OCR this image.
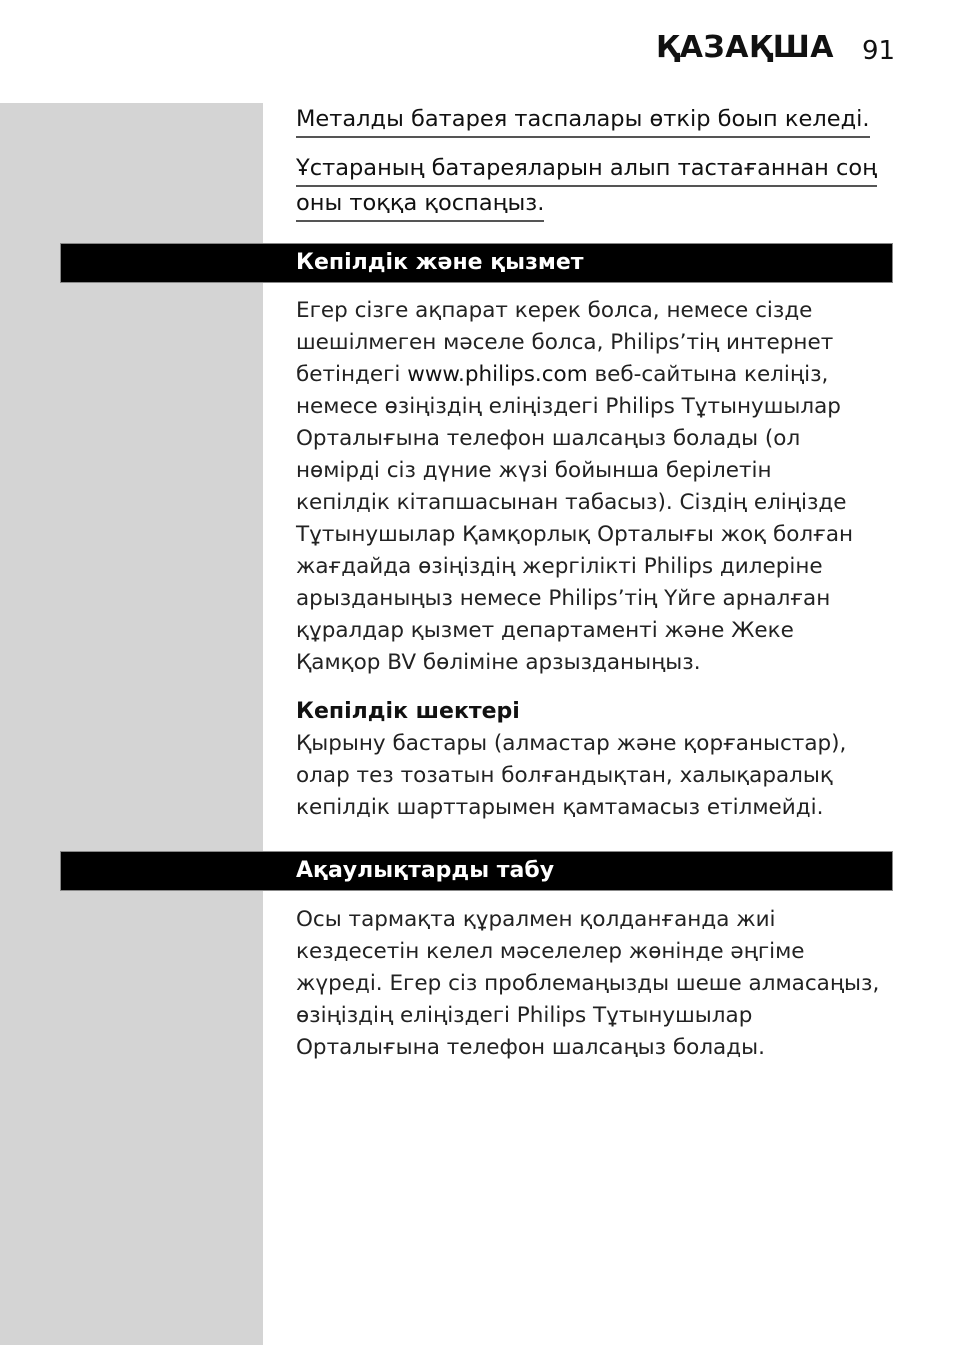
ҚАЗАҚША 91
Металды батарея таспалары өткір боып келеді.
Ұстараның батареяларын алып тастағаннан соң
оны тоққа қоспаңыз.
Кепілдік және қызмет
Егер сізге ақпарат керек болса, немесе сізде
шешілмеген мәселе болса, Philips’тің интернет
бетіндегі www.philips.com веб-сайтына келіңіз,
немесе өзіңіздің еліңіздегі Philips Тұтынушылар
Орталығына телефон шалсаңыз болады (ол
нөмірді сіз дүние жүзі бойынша берілетін
кепілдік кітапшасынан табасыз). Сіздің еліңізде
Тұтынушылар Қамқорлық Орталығы жоқ болған
жағдайда өзіңіздің жергілікті Philips дилеріне
арызданыңыз немесе Philips’тің Үйге арналған
құралдар қызмет департаменті және Жеке
Қамқор BV бөліміне арзызданыңыз.
Кепілдік шектері
Қырыну бастары (алмастар және қорғаныстар),
олар тез тозатын болғандықтан, халықаралық
кепілдік шарттарымен қамтамасыз етілмейді.
Ақаулықтарды табу
Осы тармақта құралмен қолданғанда жиі
кездесетін келел мәселелер жөнінде әңгіме
жүреді. Егер сіз проблемаңызды шеше алмасаңыз,
өзіңіздің еліңіздегі Philips Тұтынушылар
Орталығына телефон шалсаңыз болады.
